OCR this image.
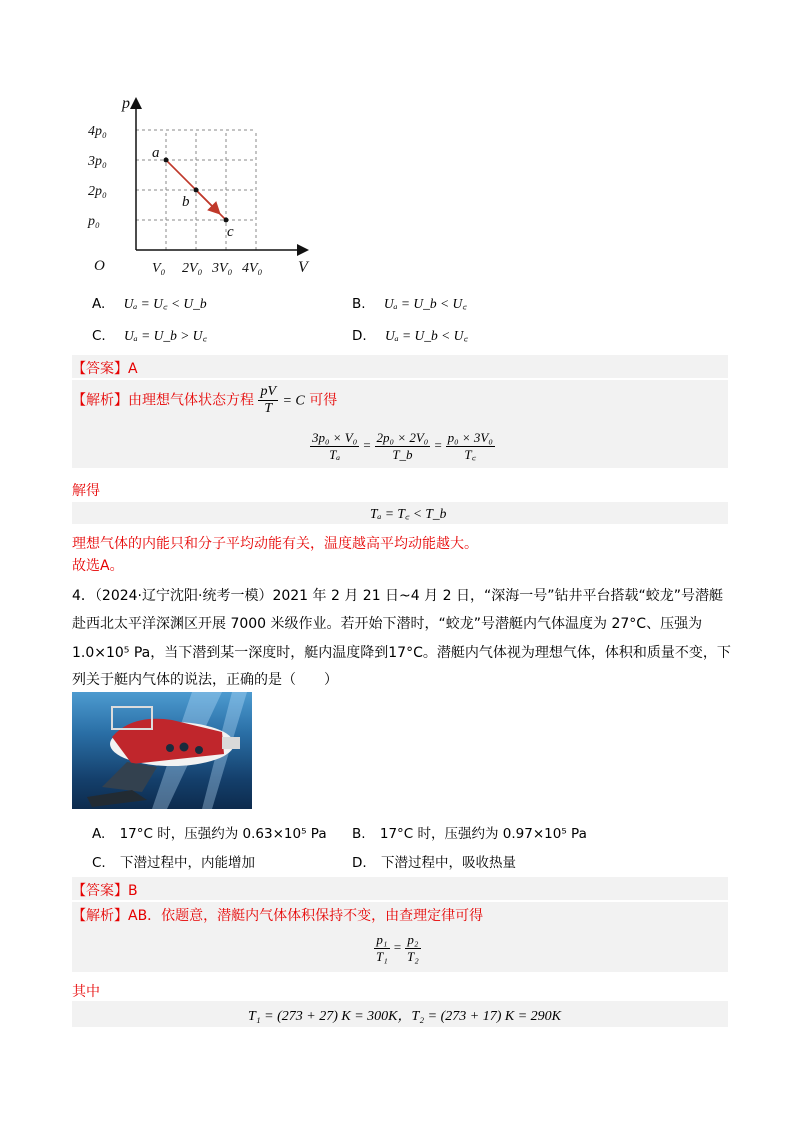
p
V
O
4p₀
3p₀
2p₀
p₀
V₀ 2V₀ 3V₀ 4V₀
a
b
c
A. Uₐ = U꜀ < U_b	B. Uₐ = U_b < U꜀
C. Uₐ = U_b > U꜀	D. Uₐ = U_b < U꜀
【答案】A
【解析】由理想气体状态方程 $\frac{pV}{T} = C$ 可得
$\frac{\text{3p₀ × V₀}}{\text{Tₐ}} = \frac{\text{2p₀ × 2V₀}}{T\_b} = \frac{\text{p₀ × 3V₀}}{T꜀}$
解得
Tₐ = T꜀ < T_b
理想气体的内能只和分子平均动能有关，温度越高平均动能越大。
故选A。
4．（2024·辽宁沈阳·统考一模）2021 年 2 月 21 日~4 月 2 日，“深海一号”钻井平台搭载“蛟龙”号潜艇
赴西北太平洋深渊区开展 7000 米级作业。若开始下潜时，“蛟龙”号潜艇内气体温度为 27°C、压强为
1.0×10⁵ Pa，当下潜到某一深度时，艇内温度降到17°C。潜艇内气体视为理想气体，体积和质量不变，下
列关于艇内气体的说法，正确的是（　　）
A. 17°C 时，压强约为 0.63×10⁵ Pa B. 17°C 时，压强约为 0.97×10⁵ Pa
C. 下潜过程中，内能增加	D. 下潜过程中，吸收热量
【答案】B
【解析】AB．依题意，潜艇内气体体积保持不变，由查理定律可得
$\frac{\text{p₁}}{\text{T₁}} = \frac{\text{p₂}}{\text{T₂}}$
其中
T₁ = (273 + 27) K = 300K，T₂ = (273 + 17) K = 290K
